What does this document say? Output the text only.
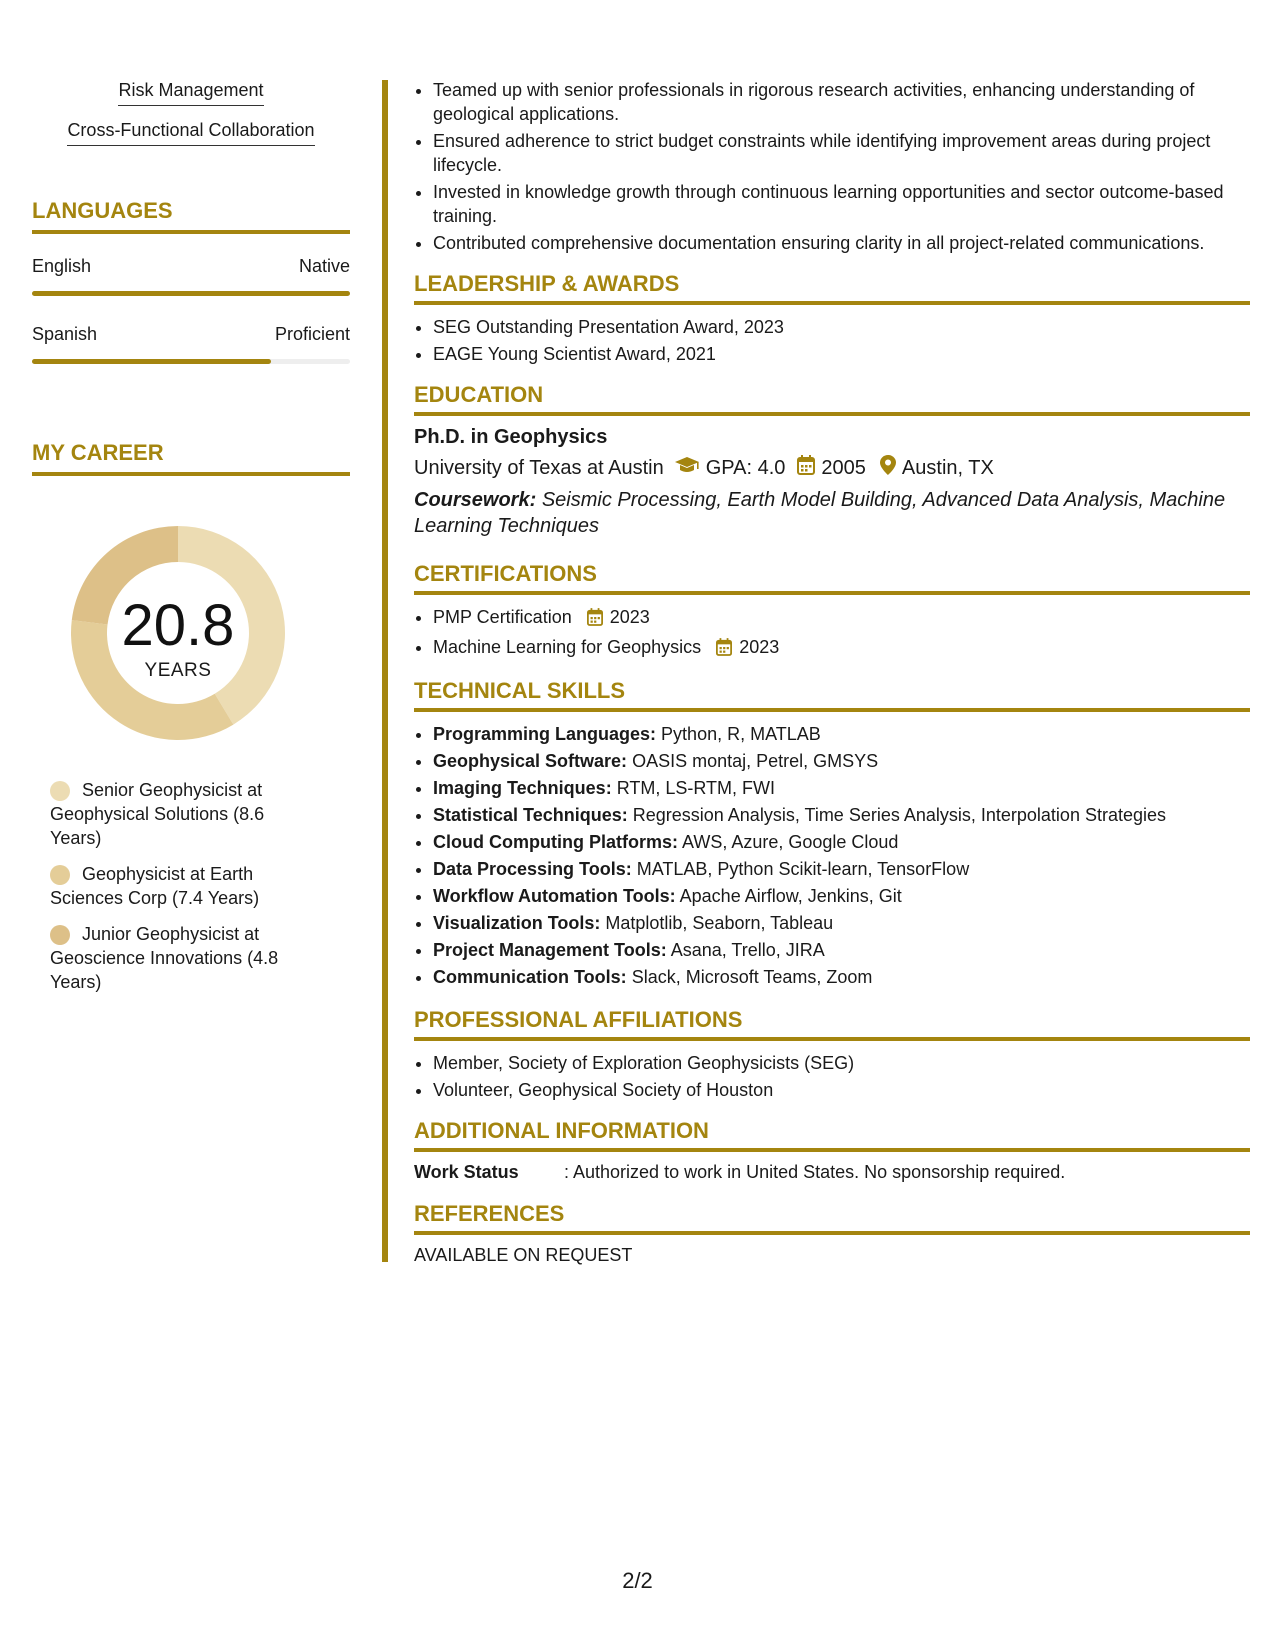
Risk Management
Cross-Functional Collaboration
LANGUAGES
English	Native
Spanish	Proficient
MY CAREER
20.8
YEARS
Senior Geophysicist at Geophysical Solutions (8.6 Years)
Geophysicist at Earth Sciences Corp (7.4 Years)
Junior Geophysicist at Geoscience Innovations (4.8 Years)
• Teamed up with senior professionals in rigorous research activities, enhancing understanding of geological applications.
• Ensured adherence to strict budget constraints while identifying improvement areas during project lifecycle.
• Invested in knowledge growth through continuous learning opportunities and sector outcome-based training.
• Contributed comprehensive documentation ensuring clarity in all project-related communications.
LEADERSHIP & AWARDS
• SEG Outstanding Presentation Award, 2023
• EAGE Young Scientist Award, 2021
EDUCATION
Ph.D. in Geophysics
University of Texas at Austin GPA: 4.0 2005 Austin, TX
Coursework: Seismic Processing, Earth Model Building, Advanced Data Analysis, Machine Learning Techniques
CERTIFICATIONS
• PMP Certification 2023
• Machine Learning for Geophysics 2023
TECHNICAL SKILLS
• Programming Languages: Python, R, MATLAB
• Geophysical Software: OASIS montaj, Petrel, GMSYS
• Imaging Techniques: RTM, LS-RTM, FWI
• Statistical Techniques: Regression Analysis, Time Series Analysis, Interpolation Strategies
• Cloud Computing Platforms: AWS, Azure, Google Cloud
• Data Processing Tools: MATLAB, Python Scikit-learn, TensorFlow
• Workflow Automation Tools: Apache Airflow, Jenkins, Git
• Visualization Tools: Matplotlib, Seaborn, Tableau
• Project Management Tools: Asana, Trello, JIRA
• Communication Tools: Slack, Microsoft Teams, Zoom
PROFESSIONAL AFFILIATIONS
• Member, Society of Exploration Geophysicists (SEG)
• Volunteer, Geophysical Society of Houston
ADDITIONAL INFORMATION
Work Status	: Authorized to work in United States. No sponsorship required.
REFERENCES
AVAILABLE ON REQUEST
2/2
